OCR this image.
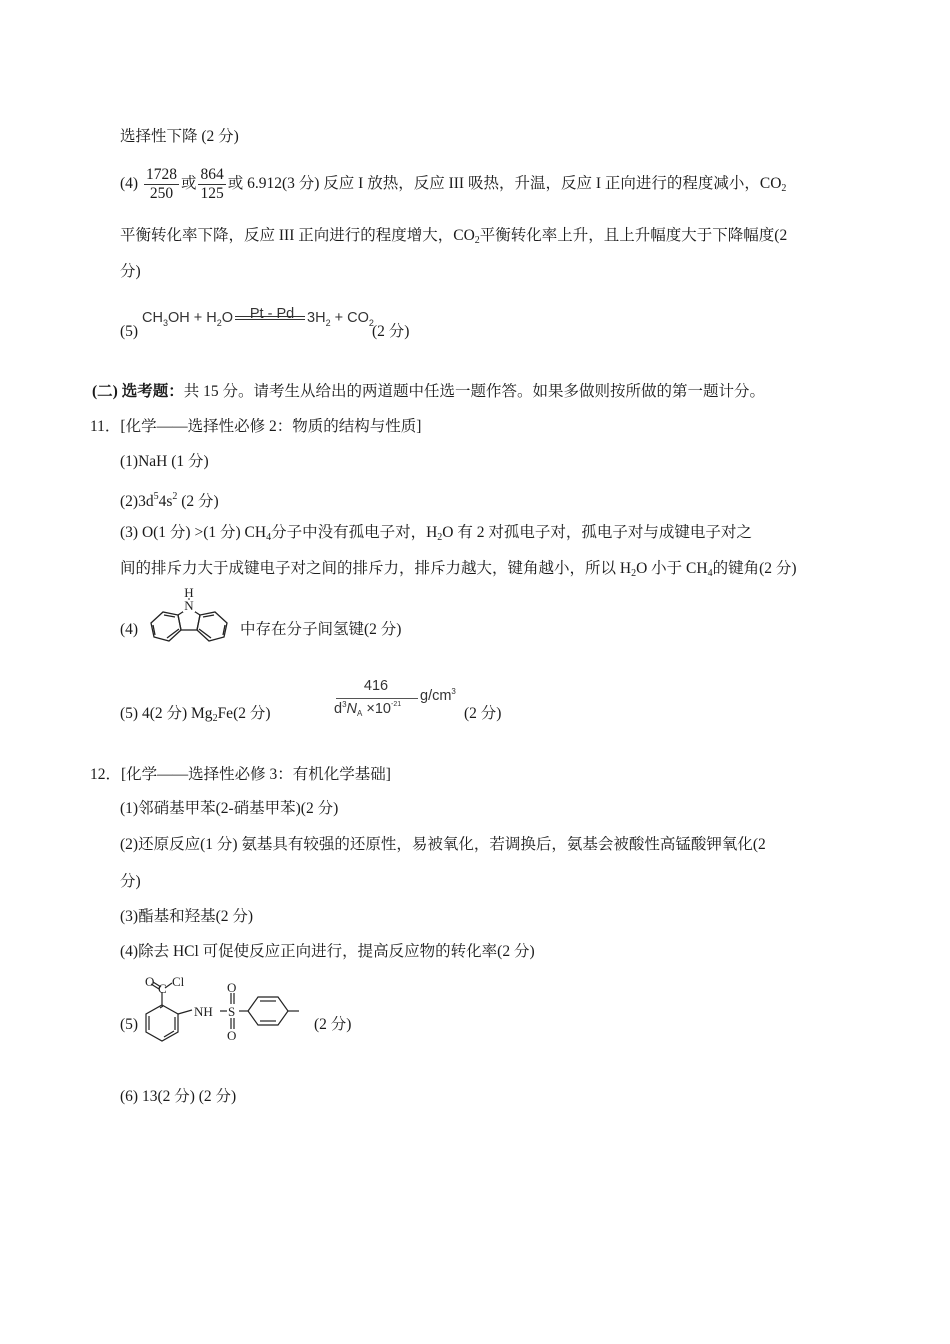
选择性下降 (2 分)
$(4) \frac{1728}{250}$ 或 $\frac{864}{125}$ 或 6.912(3 分) 反应 I 放热，反应 III 吸热，升温，反应 I 正向进行的程度减小，$CO_2$
平衡转化率下降，反应 III 正向进行的程度增大，$CO_2$平衡转化率上升，且上升幅度大于下降幅度(2
分)
(5)
$CH_3OH + H_2O$	Pt - Pd $3H_2 + CO_2$
(2 分)
(二) 选考题：共 15 分。请考生从给出的两道题中任选一题作答。如果多做则按所做的第一题计分。
11．[化学——选择性必修 2：物质的结构与性质]
(1)NaH (1 分)
$(2)3d^54s^2$ (2 分)
(3) O(1 分) >(1 分) $CH_4$分子中没有孤电子对，$H_2O$ 有 2 对孤电子对，孤电子对与成键电子对之
间的排斥力大于成键电子对之间的排斥力，排斥力越大，键角越小，所以 $H_2O$ 小于 $CH_4$的键角(2 分)
(4)
N
H
中存在分子间氢键(2 分)
(5) 4(2 分) $Mg_2Fe(2$ 分)
416
$d^3N_A \times 10^{-21}$
$g/cm^3$
(2 分)
12．[化学——选择性必修 3：有机化学基础]
(1)邻硝基甲苯(2-硝基甲苯)(2 分)
(2)还原反应(1 分) 氨基具有较强的还原性，易被氧化，若调换后，氨基会被酸性高锰酸钾氧化(2
分)
(3)酯基和羟基(2 分)
(4)除去 HCl 可促使反应正向进行，提高反应物的转化率(2 分)
(5)
O C Cl
NH S
O
O
(2 分)
(6) 13(2 分) (2 分)
